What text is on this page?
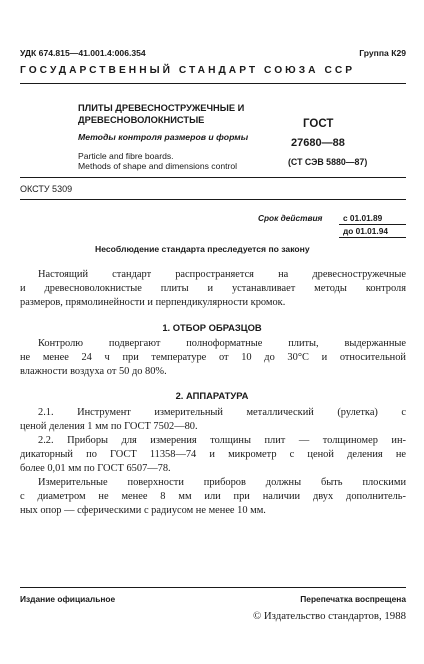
УДК 674.815—41.001.4:006.354	Группа К29
ГОСУДАРСТВЕННЫЙ СТАНДАРТ СОЮЗА ССР
ПЛИТЫ ДРЕВЕСНОСТРУЖЕЧНЫЕ И
ДРЕВЕСНОВОЛОКНИСТЫЕ
Методы контроля размеров и формы
Particle and fibre boards.
Methods of shape and dimensions control
ГОСТ
27680—88
(СТ СЭВ 5880—87)
ОКСТУ 5309
Срок действия с 01.01.89
до 01.01.94
Несоблюдение стандарта преследуется по закону
Настоящий стандарт распространяется на древесностружечные
и древесноволокнистые плиты и устанавливает методы контроля
размеров, прямолинейности и перпендикулярности кромок.
1. ОТБОР ОБРАЗЦОВ
Контролю подвергают полноформатные плиты, выдержанные
не менее 24 ч при температуре от 10 до 30°С и относительной
влажности воздуха от 50 до 80%.
2. АППАРАТУРА
2.1. Инструмент измерительный металлический (рулетка) с
ценой деления 1 мм по ГОСТ 7502—80.
2.2. Приборы для измерения толщины плит — толщиномер ин-
дикаторный по ГОСТ 11358—74 и микрометр с ценой деления не
более 0,01 мм по ГОСТ 6507—78.
Измерительные поверхности приборов должны быть плоскими
с диаметром не менее 8 мм или при наличии двух дополнитель-
ных опор — сферическими с радиусом не менее 10 мм.
Издание официальное	Перепечатка воспрещена
© Издательство стандартов, 1988
